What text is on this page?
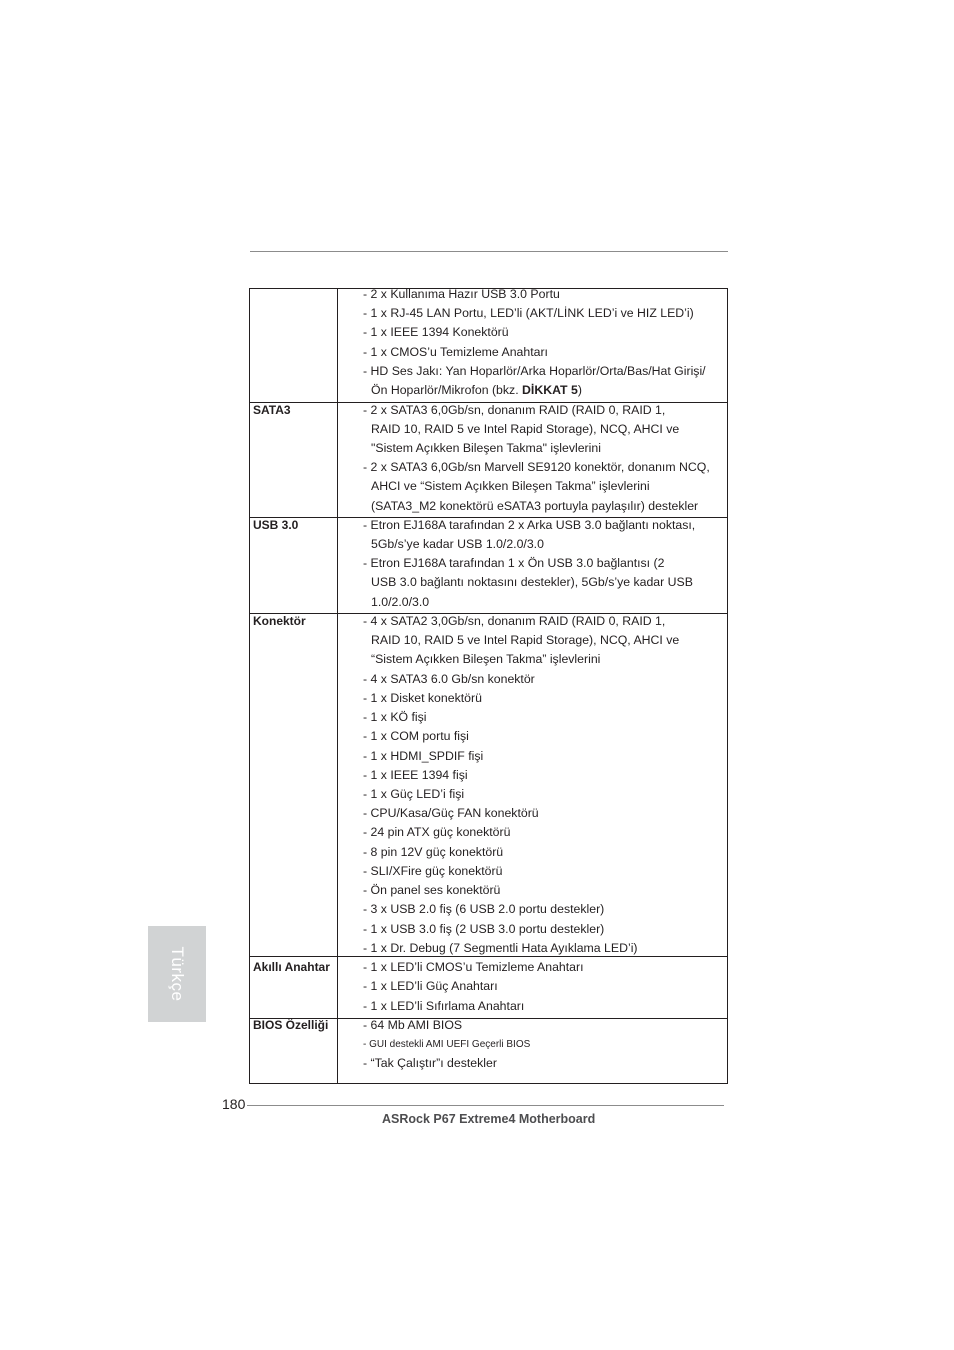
- 2 x Kullanıma Hazır USB 3.0 Portu
- 1 x RJ-45 LAN Portu, LED’li (AKT/LİNK LED’i ve HIZ LED’i)
- 1 x IEEE 1394 Konektörü
- 1 x CMOS’u Temizleme Anahtarı
- HD Ses Jakı: Yan Hoparlör/Arka Hoparlör/Orta/Bas/Hat Girişi/
Ön Hoparlör/Mikrofon (bkz. DİKKAT 5)
SATA3	- 2 x SATA3 6,0Gb/sn, donanım RAID (RAID 0, RAID 1,
RAID 10, RAID 5 ve Intel Rapid Storage), NCQ, AHCI ve
"Sistem Açıkken Bileşen Takma" işlevlerini
- 2 x SATA3 6,0Gb/sn Marvell SE9120 konektör, donanım NCQ,
AHCI ve “Sistem Açıkken Bileşen Takma” işlevlerini
(SATA3_M2 konektörü eSATA3 portuyla paylaşılır) destekler
USB 3.0	- Etron EJ168A tarafından 2 x Arka USB 3.0 bağlantı noktası,
5Gb/s’ye kadar USB 1.0/2.0/3.0
- Etron EJ168A tarafından 1 x Ön USB 3.0 bağlantısı (2
USB 3.0 bağlantı noktasını destekler), 5Gb/s’ye kadar USB
1.0/2.0/3.0
Konektör	- 4 x SATA2 3,0Gb/sn, donanım RAID (RAID 0, RAID 1,
RAID 10, RAID 5 ve Intel Rapid Storage), NCQ, AHCI ve
“Sistem Açıkken Bileşen Takma” işlevlerini
- 4 x SATA3 6.0 Gb/sn konektör
- 1 x Disket konektörü
- 1 x KÖ fişi
- 1 x COM portu fişi
- 1 x HDMI_SPDIF fişi
- 1 x IEEE 1394 fişi
- 1 x Güç LED’i fişi
- CPU/Kasa/Güç FAN konektörü
- 24 pin ATX güç konektörü
- 8 pin 12V güç konektörü
- SLI/XFire güç konektörü
- Ön panel ses konektörü
- 3 x USB 2.0 fiş (6 USB 2.0 portu destekler)
- 1 x USB 3.0 fiş (2 USB 3.0 portu destekler)
- 1 x Dr. Debug (7 Segmentli Hata Ayıklama LED’i)
Akıllı Anahtar	- 1 x LED’li CMOS’u Temizleme Anahtarı
- 1 x LED’li Güç Anahtarı
- 1 x LED’li Sıfırlama Anahtarı
BIOS Özelliği	- 64 Mb AMI BIOS
- GUI destekli AMI UEFI Geçerli BIOS
- “Tak Çalıştır”ı destekler
Türkçe
180
ASRock P67 Extreme4 Motherboard
